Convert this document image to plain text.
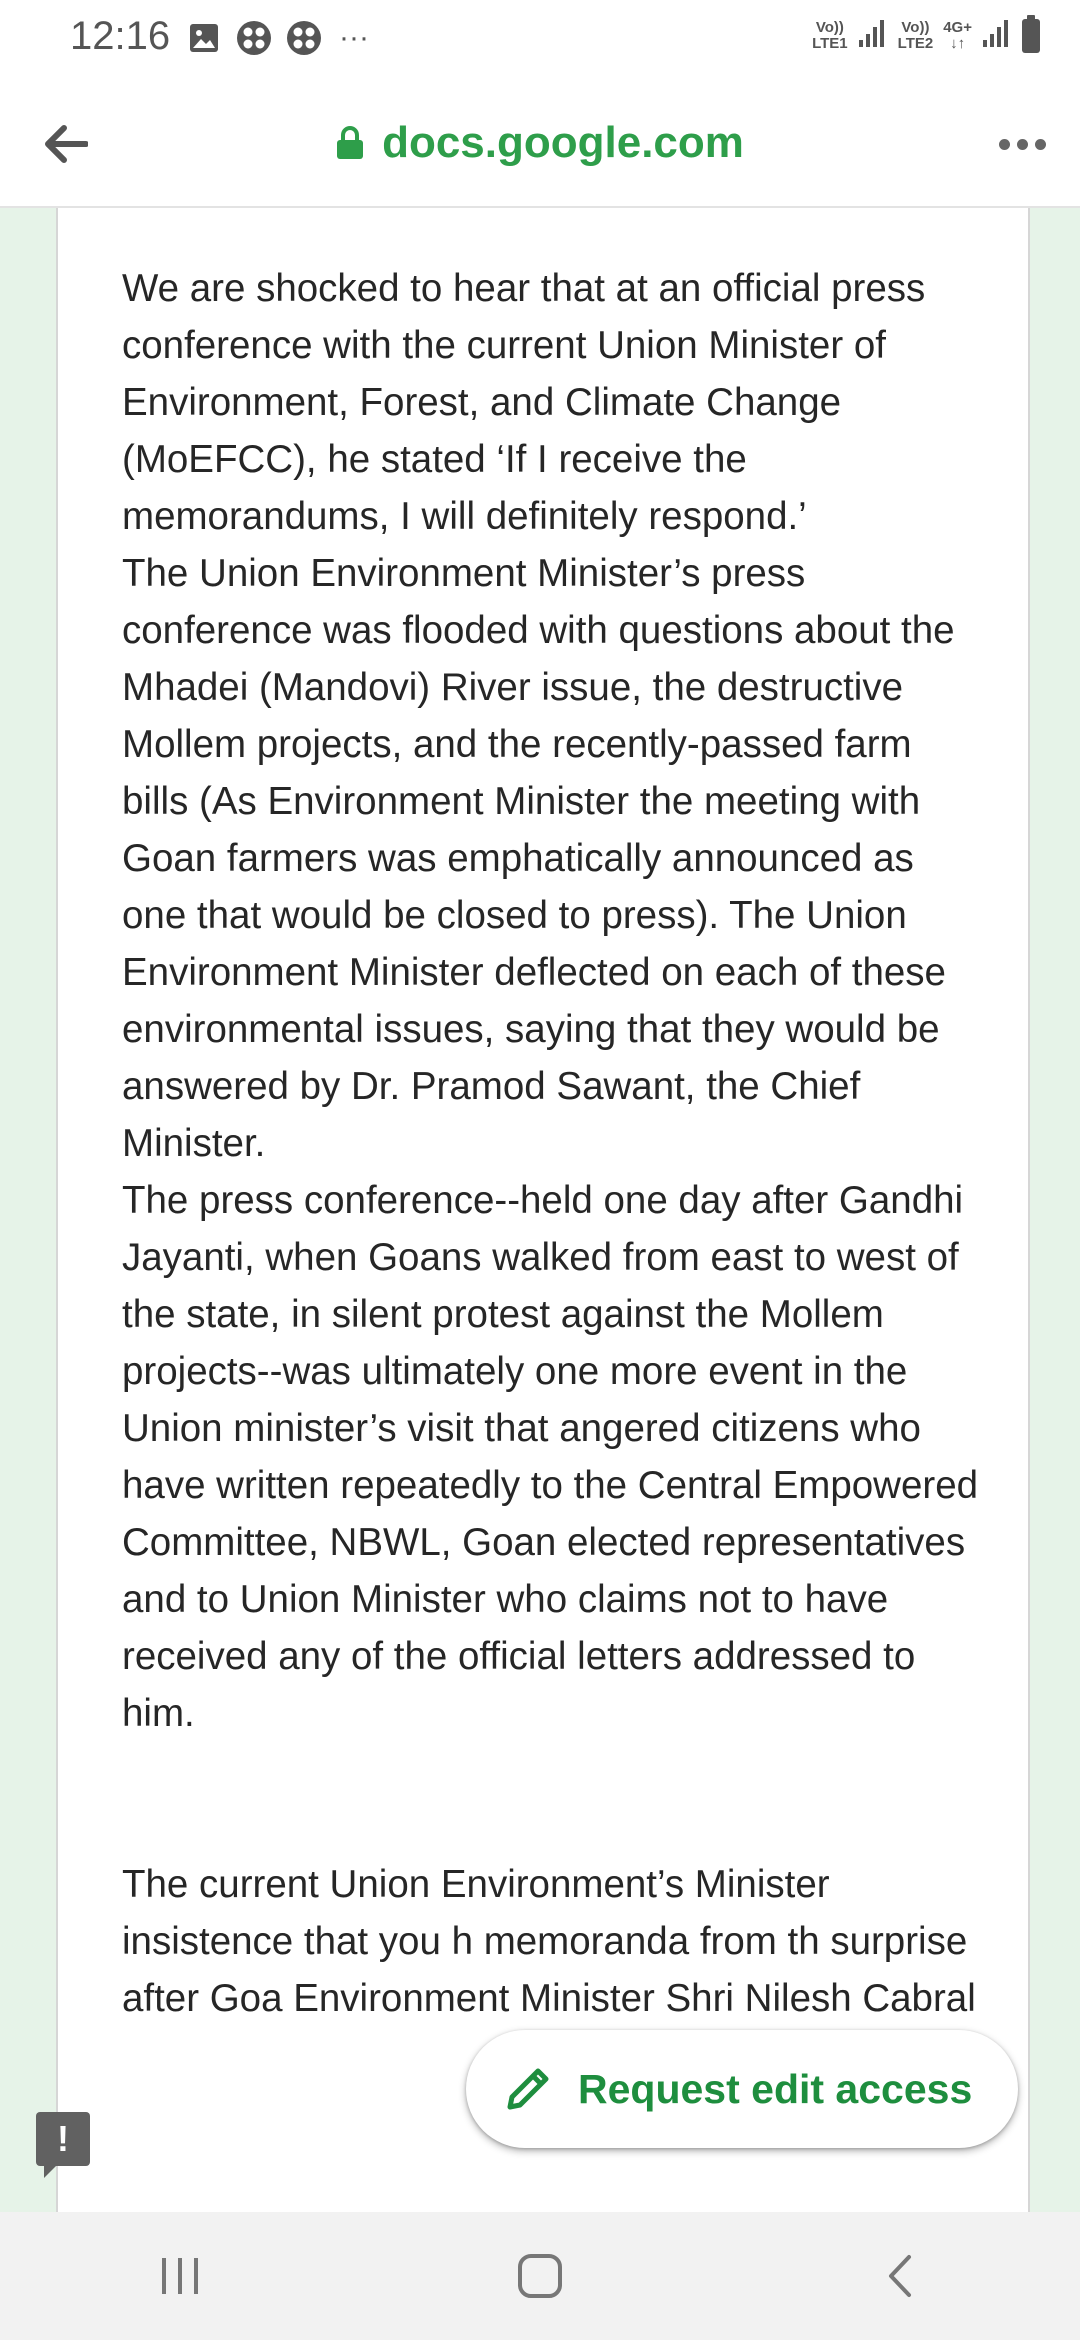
12:16	···	Vo))
LTE1
Vo))
LTE2
4G+
↓↑
docs.google.com

We are shocked to hear that at an official press conference with the current Union Minister of Environment, Forest, and Climate Change (MoEFCC), he stated ‘If I receive the memorandums, I will definitely respond.’

The Union Environment Minister’s press conference was flooded with questions about the Mhadei (Mandovi) River issue, the destructive Mollem projects, and the recently-passed farm bills (As Environment Minister the meeting with Goan farmers was emphatically announced as one that would be closed to press). The Union Environment Minister deflected on each of these environmental issues, saying that they would be answered by Dr. Pramod Sawant, the Chief Minister.

The press conference--held one day after Gandhi Jayanti, when Goans walked from east to west of the state, in silent protest against the Mollem projects--was ultimately one more event in the Union minister’s visit that angered citizens who have written repeatedly to the Central Empowered Committee, NBWL, Goan elected representatives and to Union Minister who claims not to have received any of the official letters addressed to him.

The current Union Environment’s Minister insistence that you h memoranda from th surprise after Goa Environment Minister Shri Nilesh Cabral

!
Request edit access
